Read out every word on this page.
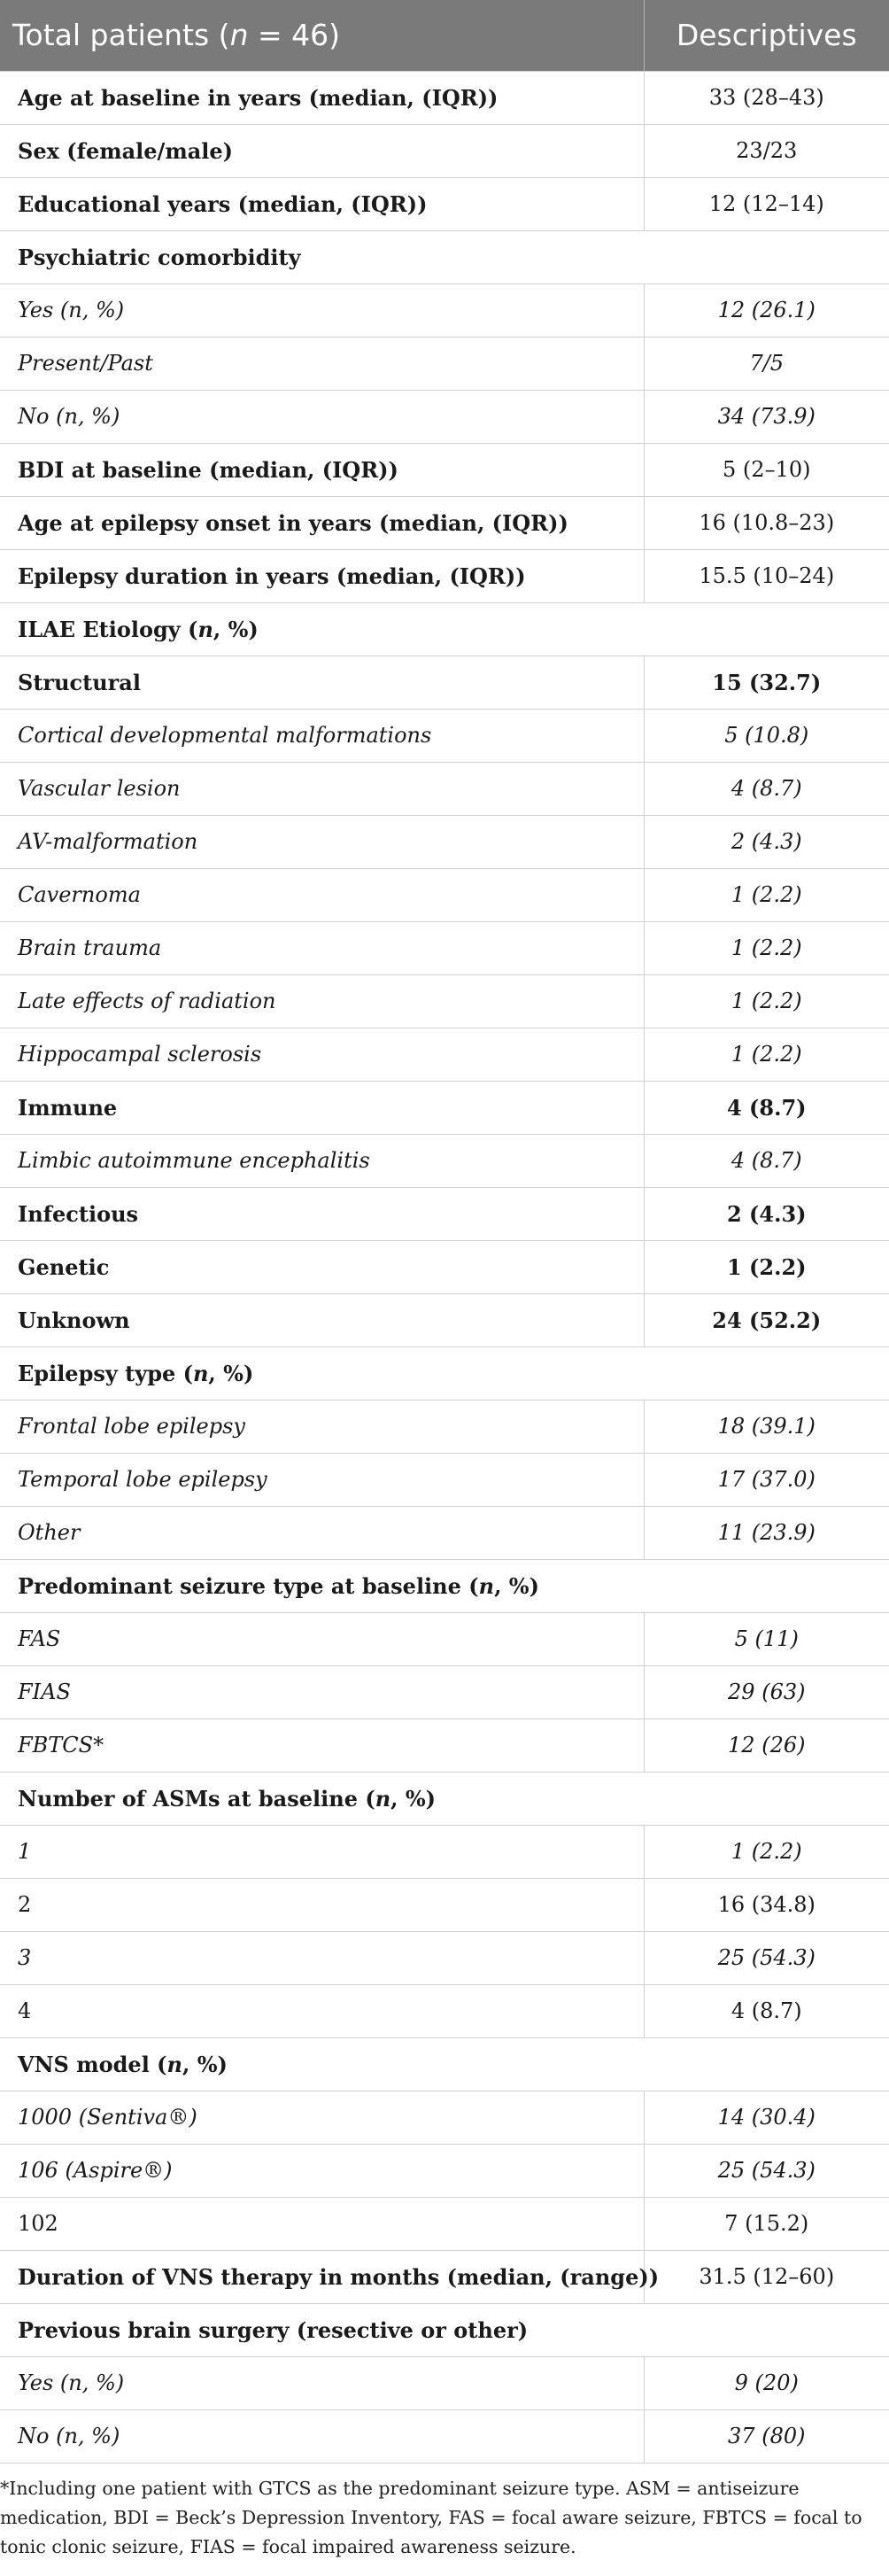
Total patients (n = 46)	Descriptives
Age at baseline in years (median, (IQR))	33 (28–43)
Sex (female/male)	23/23
Educational years (median, (IQR))	12 (12–14)
Psychiatric comorbidity	
Yes (n, %)	12 (26.1)
Present/Past	7/5
No (n, %)	34 (73.9)
BDI at baseline (median, (IQR))	5 (2–10)
Age at epilepsy onset in years (median, (IQR))	16 (10.8–23)
Epilepsy duration in years (median, (IQR))	15.5 (10–24)
ILAE Etiology (n, %)	
Structural	15 (32.7)
Cortical developmental malformations	5 (10.8)
Vascular lesion	4 (8.7)
AV-malformation	2 (4.3)
Cavernoma	1 (2.2)
Brain trauma	1 (2.2)
Late effects of radiation	1 (2.2)
Hippocampal sclerosis	1 (2.2)
Immune	4 (8.7)
Limbic autoimmune encephalitis	4 (8.7)
Infectious	2 (4.3)
Genetic	1 (2.2)
Unknown	24 (52.2)
Epilepsy type (n, %)	
Frontal lobe epilepsy	18 (39.1)
Temporal lobe epilepsy	17 (37.0)
Other	11 (23.9)
Predominant seizure type at baseline (n, %)	
FAS	5 (11)
FIAS	29 (63)
FBTCS*	12 (26)
Number of ASMs at baseline (n, %)	
1	1 (2.2)
2	16 (34.8)
3	25 (54.3)
4	4 (8.7)
VNS model (n, %)	
1000 (Sentiva®)	14 (30.4)
106 (Aspire®)	25 (54.3)
102	7 (15.2)
Duration of VNS therapy in months (median, (range))	31.5 (12–60)
Previous brain surgery (resective or other)	
Yes (n, %)	9 (20)
No (n, %)	37 (80)
*Including one patient with GTCS as the predominant seizure type. ASM = antiseizure medication, BDI = Beck’s Depression Inventory, FAS = focal aware seizure, FBTCS = focal to tonic clonic seizure, FIAS = focal impaired awareness seizure.
